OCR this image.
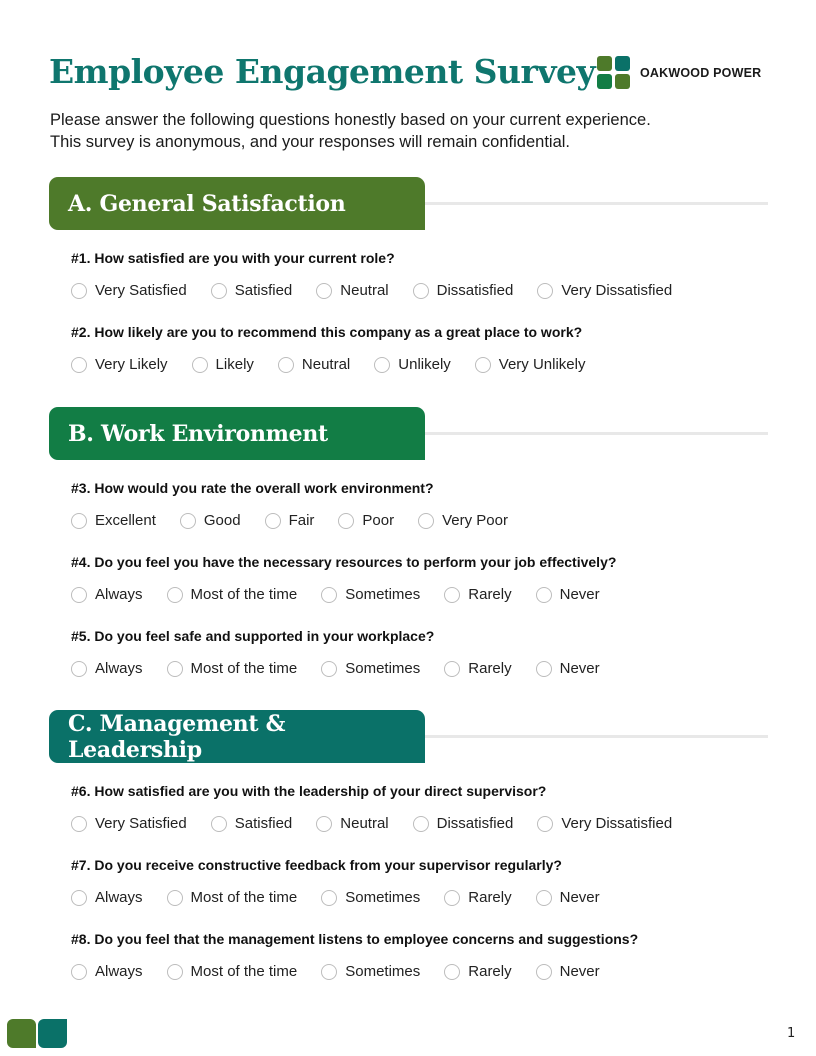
Employee Engagement Survey	OAKWOOD POWER
Please answer the following questions honestly based on your current experience.
This survey is anonymous, and your responses will remain confidential.
A. General Satisfaction
#1. How satisfied are you with your current role?
Very Satisfied	Satisfied	Neutral	Dissatisfied	Very Dissatisfied
#2. How likely are you to recommend this company as a great place to work?
Very Likely	Likely	Neutral	Unlikely	Very Unlikely
B. Work Environment
#3. How would you rate the overall work environment?
Excellent	Good	Fair	Poor	Very Poor
#4. Do you feel you have the necessary resources to perform your job effectively?
Always	Most of the time	Sometimes	Rarely	Never
#5. Do you feel safe and supported in your workplace?
Always	Most of the time	Sometimes	Rarely	Never
C. Management & Leadership
#6. How satisfied are you with the leadership of your direct supervisor?
Very Satisfied	Satisfied	Neutral	Dissatisfied	Very Dissatisfied
#7. Do you receive constructive feedback from your supervisor regularly?
Always	Most of the time	Sometimes	Rarely	Never
#8. Do you feel that the management listens to employee concerns and suggestions?
Always	Most of the time	Sometimes	Rarely	Never
1
